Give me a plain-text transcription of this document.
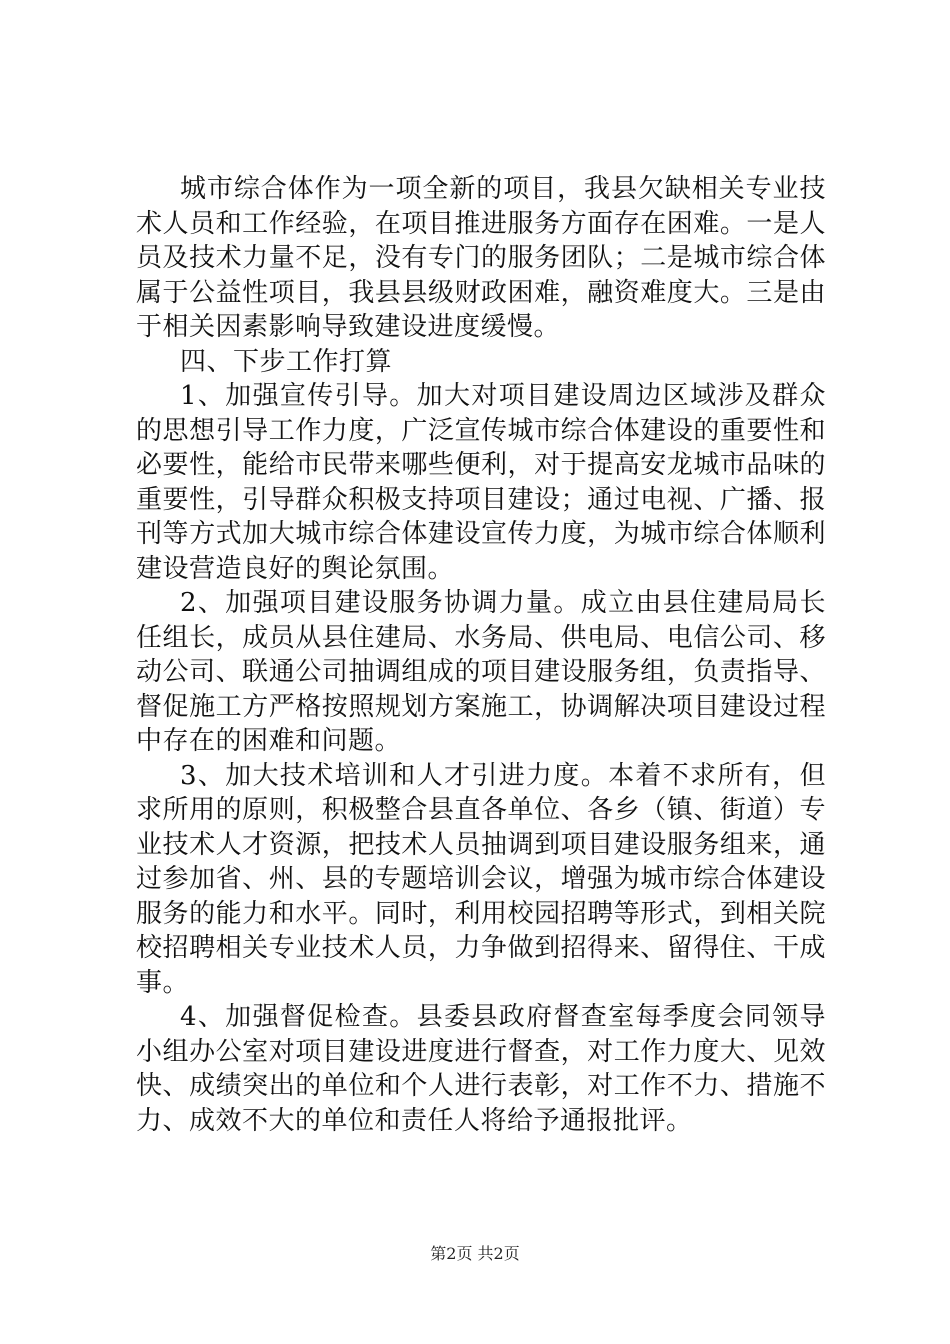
城市综合体作为一项全新的项目，我县欠缺相关专业技术人员和工作经验，在项目推进服务方面存在困难。一是人员及技术力量不足，没有专门的服务团队；二是城市综合体属于公益性项目，我县县级财政困难，融资难度大。三是由于相关因素影响导致建设进度缓慢。

四、下步工作打算

1、加强宣传引导。加大对项目建设周边区域涉及群众的思想引导工作力度，广泛宣传城市综合体建设的重要性和必要性，能给市民带来哪些便利，对于提高安龙城市品味的重要性，引导群众积极支持项目建设；通过电视、广播、报刊等方式加大城市综合体建设宣传力度，为城市综合体顺利建设营造良好的舆论氛围。

2、加强项目建设服务协调力量。成立由县住建局局长任组长，成员从县住建局、水务局、供电局、电信公司、移动公司、联通公司抽调组成的项目建设服务组，负责指导、督促施工方严格按照规划方案施工，协调解决项目建设过程中存在的困难和问题。

3、加大技术培训和人才引进力度。本着不求所有，但求所用的原则，积极整合县直各单位、各乡（镇、街道）专业技术人才资源，把技术人员抽调到项目建设服务组来，通过参加省、州、县的专题培训会议，增强为城市综合体建设服务的能力和水平。同时，利用校园招聘等形式，到相关院校招聘相关专业技术人员，力争做到招得来、留得住、干成事。

4、加强督促检查。县委县政府督查室每季度会同领导小组办公室对项目建设进度进行督查，对工作力度大、见效快、成绩突出的单位和个人进行表彰，对工作不力、措施不力、成效不大的单位和责任人将给予通报批评。

第2页 共2页
